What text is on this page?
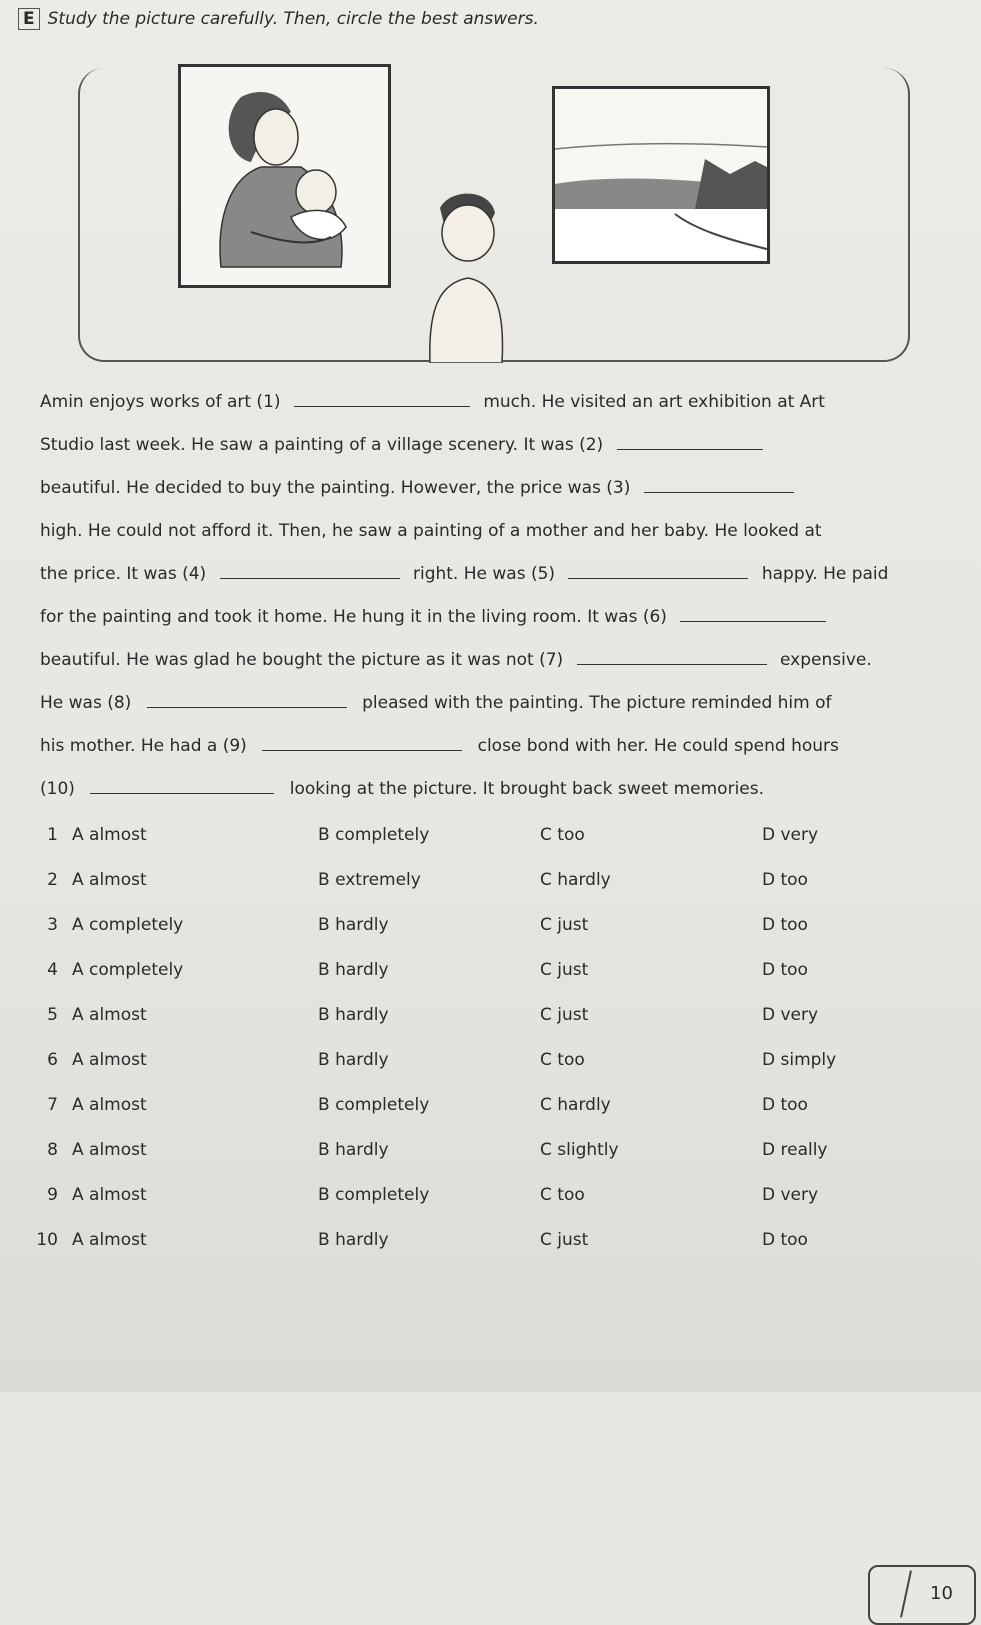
E Study the picture carefully. Then, circle the best answers.
Amin enjoys works of art (1)	much. He visited an art exhibition at Art
Studio last week. He saw a painting of a village scenery. It was (2)
beautiful. He decided to buy the painting. However, the price was (3)
high. He could not afford it. Then, he saw a painting of a mother and her baby. He looked at
the price. It was (4)	right. He was (5)	happy. He paid
for the painting and took it home. He hung it in the living room. It was (6)
beautiful. He was glad he bought the picture as it was not (7)	expensive.
He was (8)	pleased with the painting. The picture reminded him of
his mother. He had a (9)	close bond with her. He could spend hours
(10)	looking at the picture. It brought back sweet memories.
1 A almost	B completely	C too	D very
2 A almost	B extremely	C hardly	D too
3 A completely	B hardly	C just	D too
4 A completely	B hardly	C just	D too
5 A almost	B hardly	C just	D very
6 A almost	B hardly	C too	D simply
7 A almost	B completely	C hardly	D too
8 A almost	B hardly	C slightly	D really
9 A almost	B completely	C too	D very
10 A almost	B hardly	C just	D too
10
